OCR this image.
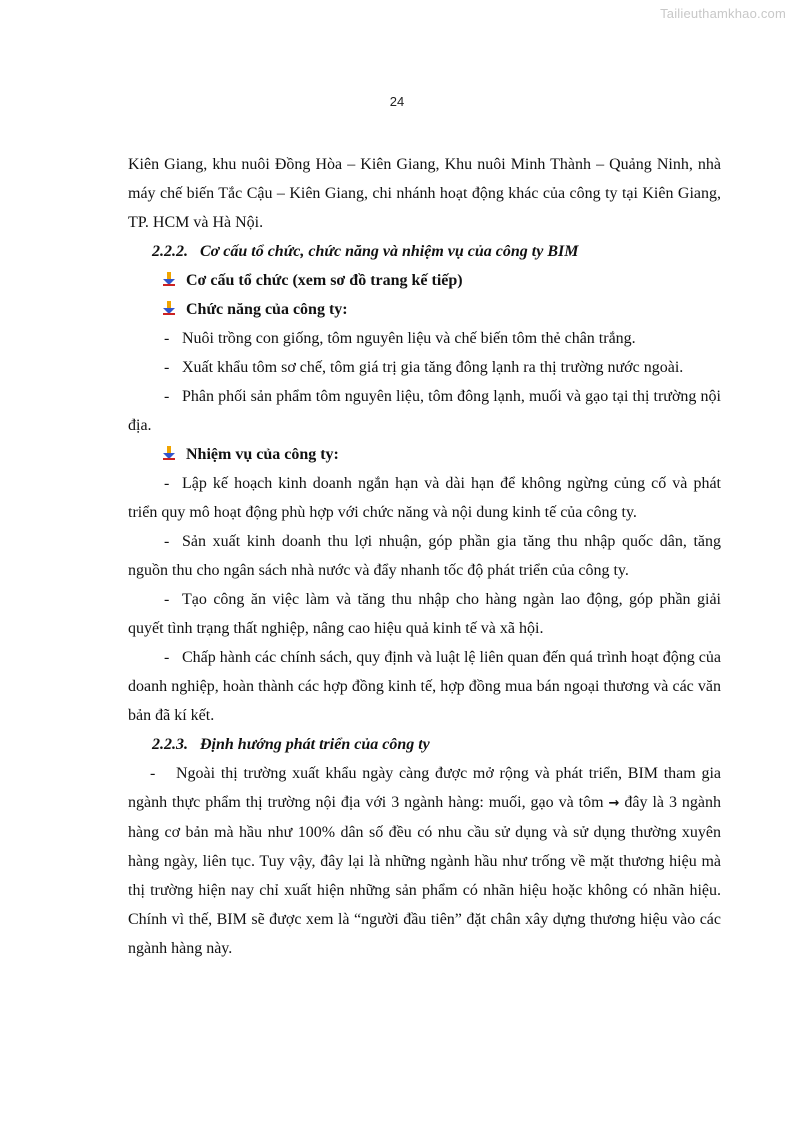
Tailieuthamkhao.com
24

Kiên Giang, khu nuôi Đồng Hòa – Kiên Giang, Khu nuôi Minh Thành – Quảng Ninh, nhà máy chế biến Tắc Cậu – Kiên Giang, chi nhánh hoạt động khác của công ty tại Kiên Giang, TP. HCM và Hà Nội.

2.2.2. Cơ cấu tổ chức, chức năng và nhiệm vụ của công ty BIM

Cơ cấu tổ chức (xem sơ đồ trang kế tiếp)

Chức năng của công ty:

- Nuôi trồng con giống, tôm nguyên liệu và chế biến tôm thẻ chân trắng.

- Xuất khẩu tôm sơ chế, tôm giá trị gia tăng đông lạnh ra thị trường nước ngoài.

- Phân phối sản phẩm tôm nguyên liệu, tôm đông lạnh, muối và gạo tại thị trường nội địa.

Nhiệm vụ của công ty:

- Lập kế hoạch kinh doanh ngắn hạn và dài hạn để không ngừng củng cố và phát triển quy mô hoạt động phù hợp với chức năng và nội dung kinh tế của công ty.

- Sản xuất kinh doanh thu lợi nhuận, góp phần gia tăng thu nhập quốc dân, tăng nguồn thu cho ngân sách nhà nước và đẩy nhanh tốc độ phát triển của công ty.

- Tạo công ăn việc làm và tăng thu nhập cho hàng ngàn lao động, góp phần giải quyết tình trạng thất nghiệp, nâng cao hiệu quả kinh tế và xã hội.

- Chấp hành các chính sách, quy định và luật lệ liên quan đến quá trình hoạt động của doanh nghiệp, hoàn thành các hợp đồng kinh tế, hợp đồng mua bán ngoại thương và các văn bản đã kí kết.

2.2.3. Định hướng phát triển của công ty

- Ngoài thị trường xuất khẩu ngày càng được mở rộng và phát triển, BIM tham gia ngành thực phẩm thị trường nội địa với 3 ngành hàng: muối, gạo và tôm → đây là 3 ngành hàng cơ bản mà hầu như 100% dân số đều có nhu cầu sử dụng và sử dụng thường xuyên hàng ngày, liên tục. Tuy vậy, đây lại là những ngành hầu như trống về mặt thương hiệu mà thị trường hiện nay chỉ xuất hiện những sản phẩm có nhãn hiệu hoặc không có nhãn hiệu. Chính vì thế, BIM sẽ được xem là “người đầu tiên” đặt chân xây dựng thương hiệu vào các ngành hàng này.
